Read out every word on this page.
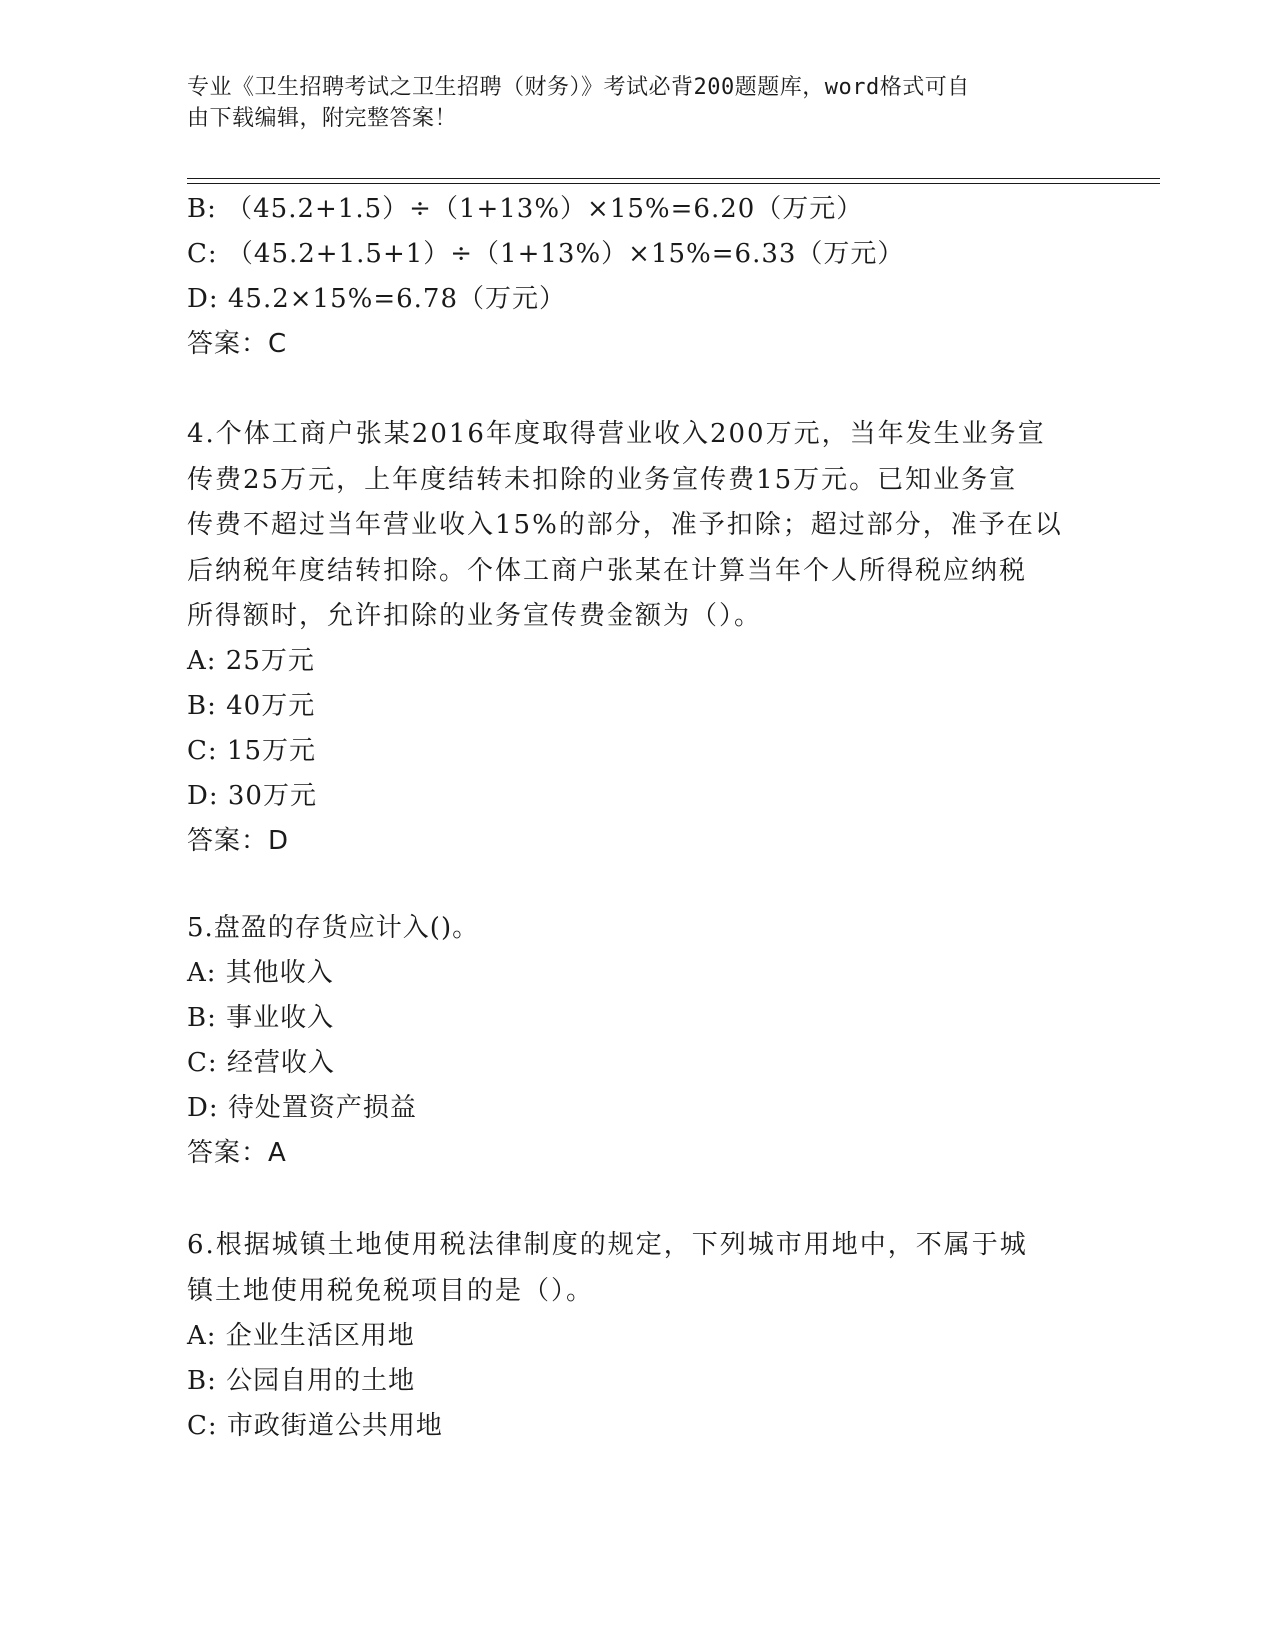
专业《卫生招聘考试之卫生招聘（财务）》考试必背200题题库，word格式可自
由下载编辑，附完整答案！
B: （45.2+1.5）÷（1+13%）×15%=6.20（万元）
C: （45.2+1.5+1）÷（1+13%）×15%=6.33（万元）
D: 45.2×15%=6.78（万元）
答案：C
4.个体工商户张某2016年度取得营业收入200万元，当年发生业务宣
传费25万元，上年度结转未扣除的业务宣传费15万元。已知业务宣
传费不超过当年营业收入15%的部分，准予扣除；超过部分，准予在以
后纳税年度结转扣除。个体工商户张某在计算当年个人所得税应纳税
所得额时，允许扣除的业务宣传费金额为（）。
A: 25万元
B: 40万元
C: 15万元
D: 30万元
答案：D
5.盘盈的存货应计入()。
A: 其他收入
B: 事业收入
C: 经营收入
D: 待处置资产损益
答案：A
6.根据城镇土地使用税法律制度的规定，下列城市用地中，不属于城
镇土地使用税免税项目的是（）。
A: 企业生活区用地
B: 公园自用的土地
C: 市政街道公共用地
